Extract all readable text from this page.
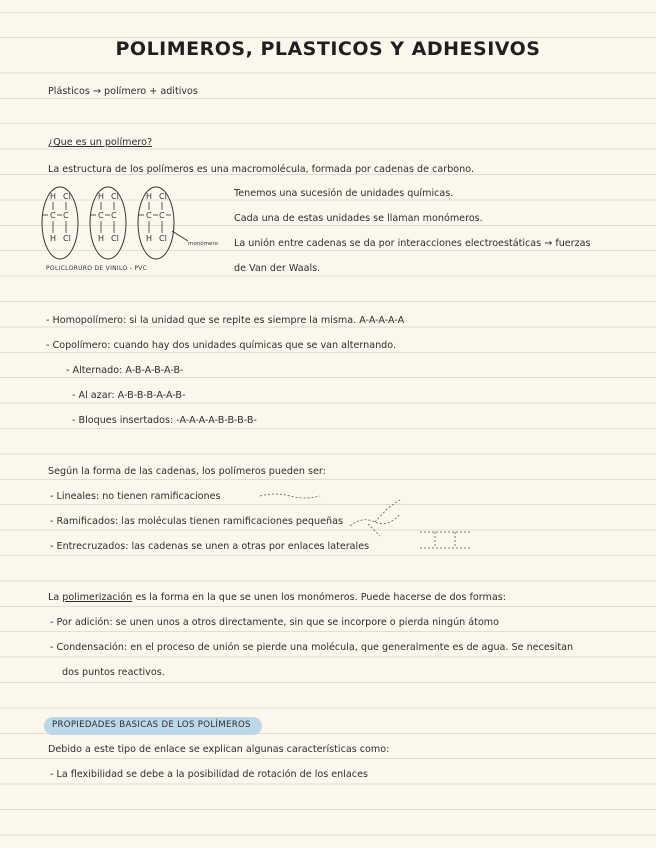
POLIMEROS, PLASTICOS Y ADHESIVOS
Plásticos → polímero + aditivos
¿Que es un polímero?
La estructura de los polímeros es una macromolécula, formada por cadenas de carbono.
H Cl
C C
H Cl
H Cl
C C
H Cl
H Cl
C C
H Cl
monómero
POLICLORURO DE VINILO - PVC
Tenemos una sucesión de unidades químicas.
Cada una de estas unidades se llaman monómeros.
La unión entre cadenas se da por interacciones electroestáticas → fuerzas
de Van der Waals.
- Homopolímero: si la unidad que se repite es siempre la misma. A-A-A-A-A
- Copolímero: cuando hay dos unidades químicas que se van alternando.
- Alternado: A-B-A-B-A-B-
- Al azar: A-B-B-B-A-A-B-
- Bloques insertados: -A-A-A-A-B-B-B-B-
Según la forma de las cadenas, los polímeros pueden ser:
- Lineales: no tienen ramificaciones
- Ramificados: las moléculas tienen ramificaciones pequeñas
- Entrecruzados: las cadenas se unen a otras por enlaces laterales
La polimerización es la forma en la que se unen los monómeros. Puede hacerse de dos formas:
- Por adición: se unen unos a otros directamente, sin que se incorpore o pierda ningún átomo
- Condensación: en el proceso de unión se pierde una molécula, que generalmente es de agua. Se necesitan
dos puntos reactivos.
PROPIEDADES BASICAS DE LOS POLÍMEROS
Debido a este tipo de enlace se explican algunas características como:
- La flexibilidad se debe a la posibilidad de rotación de los enlaces
